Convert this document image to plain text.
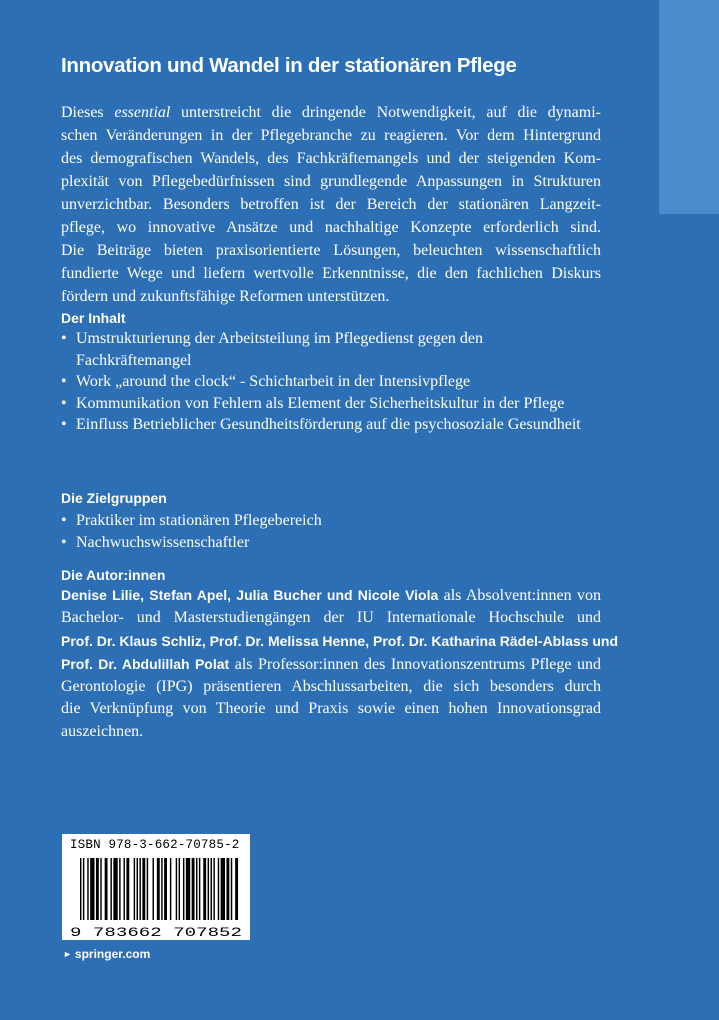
Innovation und Wandel in der stationären Pflege
Dieses essential unterstreicht die dringende Notwendigkeit, auf die dynami-
schen Veränderungen in der Pflegebranche zu reagieren. Vor dem Hintergrund
des demografischen Wandels, des Fachkräftemangels und der steigenden Kom-
plexität von Pflegebedürfnissen sind grundlegende Anpassungen in Strukturen
unverzichtbar. Besonders betroffen ist der Bereich der stationären Langzeit-
pflege, wo innovative Ansätze und nachhaltige Konzepte erforderlich sind.
Die Beiträge bieten praxisorientierte Lösungen, beleuchten wissenschaftlich
fundierte Wege und liefern wertvolle Erkenntnisse, die den fachlichen Diskurs
fördern und zukunftsfähige Reformen unterstützen.
Der Inhalt
• Umstrukturierung der Arbeitsteilung im Pflegedienst gegen den Fachkräftemangel
• Work „around the clock“ - Schichtarbeit in der Intensivpflege
• Kommunikation von Fehlern als Element der Sicherheitskultur in der Pflege
• Einfluss Betrieblicher Gesundheitsförderung auf die psychosoziale Gesundheit
Die Zielgruppen
• Praktiker im stationären Pflegebereich
• Nachwuchswissenschaftler
Die Autor:innen
Denise Lilie, Stefan Apel, Julia Bucher und Nicole Viola als Absolvent:innen von
Bachelor- und Masterstudiengängen der IU Internationale Hochschule und
Prof. Dr. Klaus Schliz, Prof. Dr. Melissa Henne, Prof. Dr. Katharina Rädel-Ablass und
Prof. Dr. Abdulillah Polat als Professor:innen des Innovationszentrums Pflege und
Gerontologie (IPG) präsentieren Abschlussarbeiten, die sich besonders durch
die Verknüpfung von Theorie und Praxis sowie einen hohen Innovationsgrad
auszeichnen.
ISBN 978-3-662-70785-2
9 783662 707852
► springer.com
